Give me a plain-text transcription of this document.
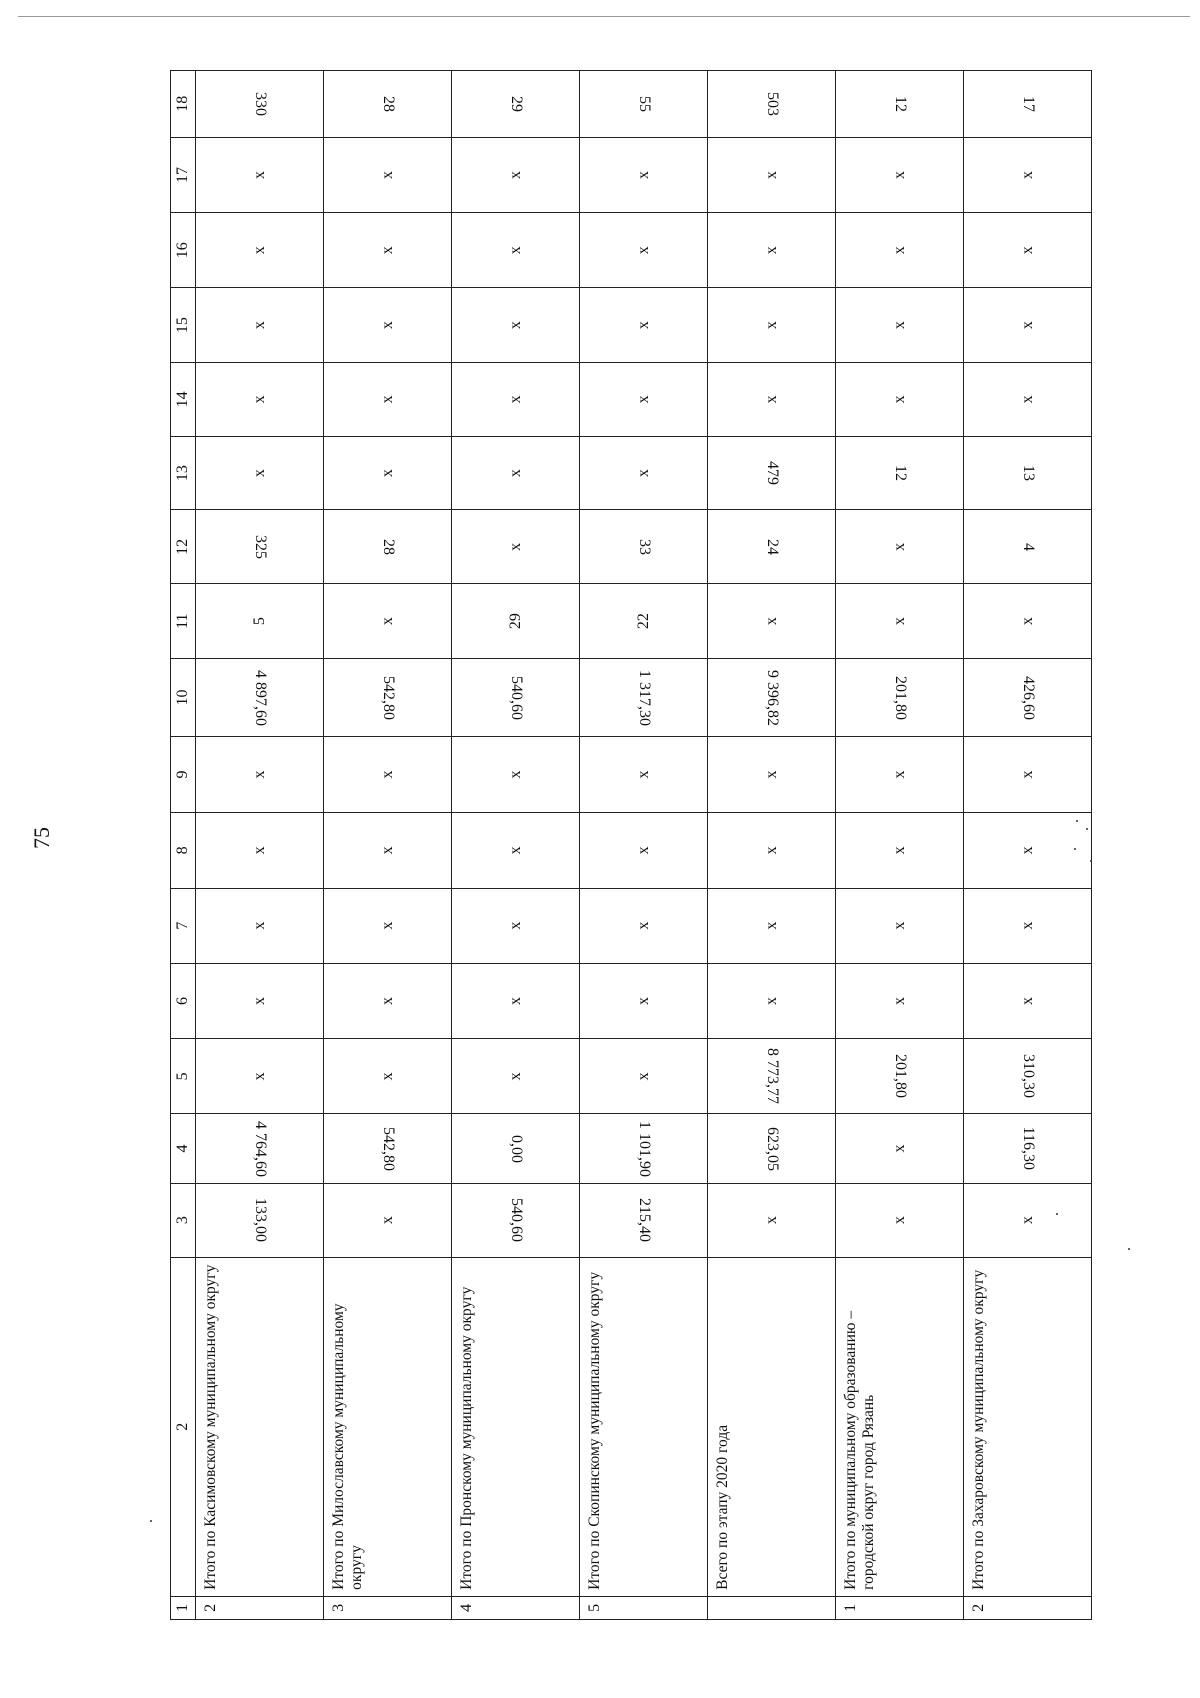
75
1	2	3	4	5	6	7	8	9	10	11	12	13	14	15	16	17	18
2	Итого по Касимовскому муниципальному округу	133,00	4 764,60	х	х	х	х	х	4 897,60	5	325	х	х	х	х	х	330
3	Итого по Милославскому муниципальному округу	х	542,80	х	х	х	х	х	542,80	х	28	х	х	х	х	х	28
4	Итого по Пронскому муниципальному округу	540,60	0,00	х	х	х	х	х	540,60	29	х	х	х	х	х	х	29
5	Итого по Скопинскому муниципальному округу	215,40	1 101,90	х	х	х	х	х	1 317,30	22	33	х	х	х	х	х	55
	Всего по этапу 2020 года	х	623,05	8 773,77	х	х	х	х	9 396,82	х	24	479	х	х	х	х	503
1	Итого по муниципальному образованию – городской округ город Рязань	х	х	201,80	х	х	х	х	201,80	х	х	12	х	х	х	х	12
2	Итого по Захаровскому муниципальному округу	х	116,30	310,30	х	х	х	х	426,60	х	4	13	х	х	х	х	17
